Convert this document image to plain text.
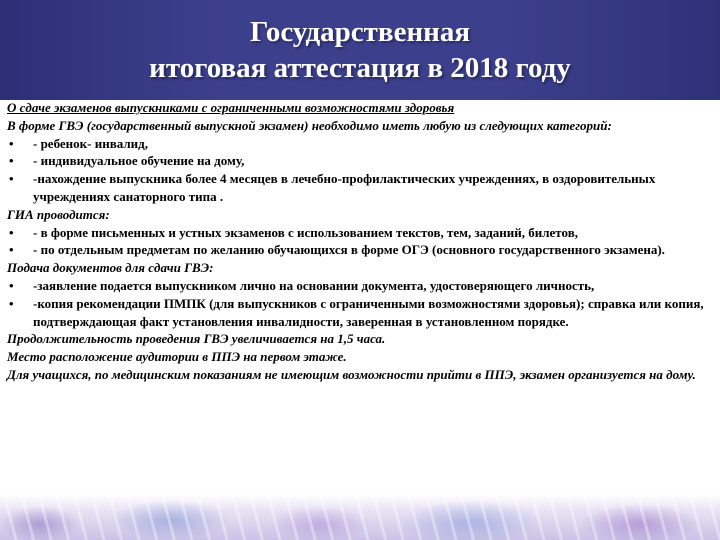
Государственная

итоговая аттестация в 2018 году

О сдаче экзаменов выпускниками с ограниченными возможностями здоровья

В форме ГВЭ (государственный выпускной экзамен) необходимо иметь любую из следующих категорий:

•	- ребенок- инвалид,
•	- индивидуальное обучение на дому,
•	-нахождение выпускника более 4 месяцев в лечебно-профилактических учреждениях, в оздоровительных учреждениях санаторного типа .

ГИА проводится:

•	- в форме письменных и устных экзаменов с использованием текстов, тем, заданий, билетов,
•	- по отдельным предметам по желанию обучающихся в форме ОГЭ (основного государственного экзамена).

Подача документов для сдачи ГВЭ:

•	-заявление подается выпускником лично на основании документа, удостоверяющего личность,
•	-копия рекомендации ПМПК (для выпускников с ограниченными возможностями здоровья); справка или копия, подтверждающая факт установления инвалидности, заверенная в установленном порядке.

Продолжительность проведения ГВЭ увеличивается на 1,5 часа.

Место расположение аудитории в ППЭ на первом этаже.

Для учащихся, по медицинским показаниям не имеющим возможности прийти в ППЭ, экзамен организуется на дому.
